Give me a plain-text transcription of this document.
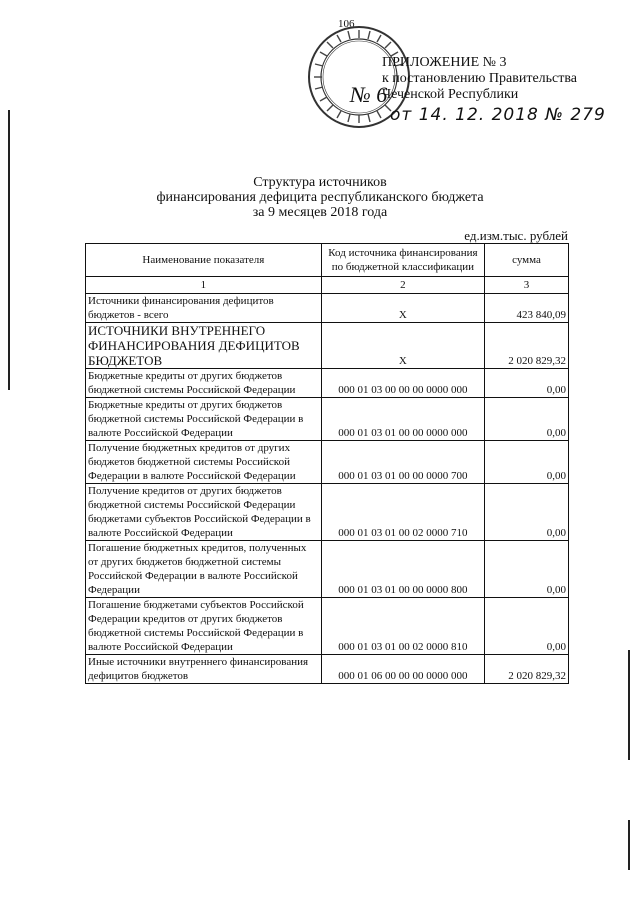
106
ПРИЛОЖЕНИЕ № 3
к постановлению Правительства
Чеченской Республики
№ 6
от 14. 12. 2018 № 279
Структура источников
финансирования дефицита республиканского бюджета
за 9 месяцев 2018 года
ед.изм.тыс. рублей
Наименование показателя	Код источника финансирования по бюджетной классификации	сумма
1	2	3
Источники финансирования дефицитов бюджетов - всего	X	423 840,09
ИСТОЧНИКИ ВНУТРЕННЕГО ФИНАНСИРОВАНИЯ ДЕФИЦИТОВ БЮДЖЕТОВ	X	2 020 829,32
Бюджетные кредиты от других бюджетов бюджетной системы Российской Федерации	000 01 03 00 00 00 0000 000	0,00
Бюджетные кредиты от других бюджетов бюджетной системы Российской Федерации в валюте Российской Федерации	000 01 03 01 00 00 0000 000	0,00
Получение бюджетных кредитов от других бюджетов бюджетной системы Российской Федерации в валюте Российской Федерации	000 01 03 01 00 00 0000 700	0,00
Получение кредитов от других бюджетов бюджетной системы Российской Федерации бюджетами субъектов Российской Федерации в валюте Российской Федерации	000 01 03 01 00 02 0000 710	0,00
Погашение бюджетных кредитов, полученных от других бюджетов бюджетной системы Российской Федерации в валюте Российской Федерации	000 01 03 01 00 00 0000 800	0,00
Погашение бюджетами субъектов Российской Федерации кредитов от других бюджетов бюджетной системы Российской Федерации в валюте Российской Федерации	000 01 03 01 00 02 0000 810	0,00
Иные источники внутреннего финансирования дефицитов бюджетов	000 01 06 00 00 00 0000 000	2 020 829,32
